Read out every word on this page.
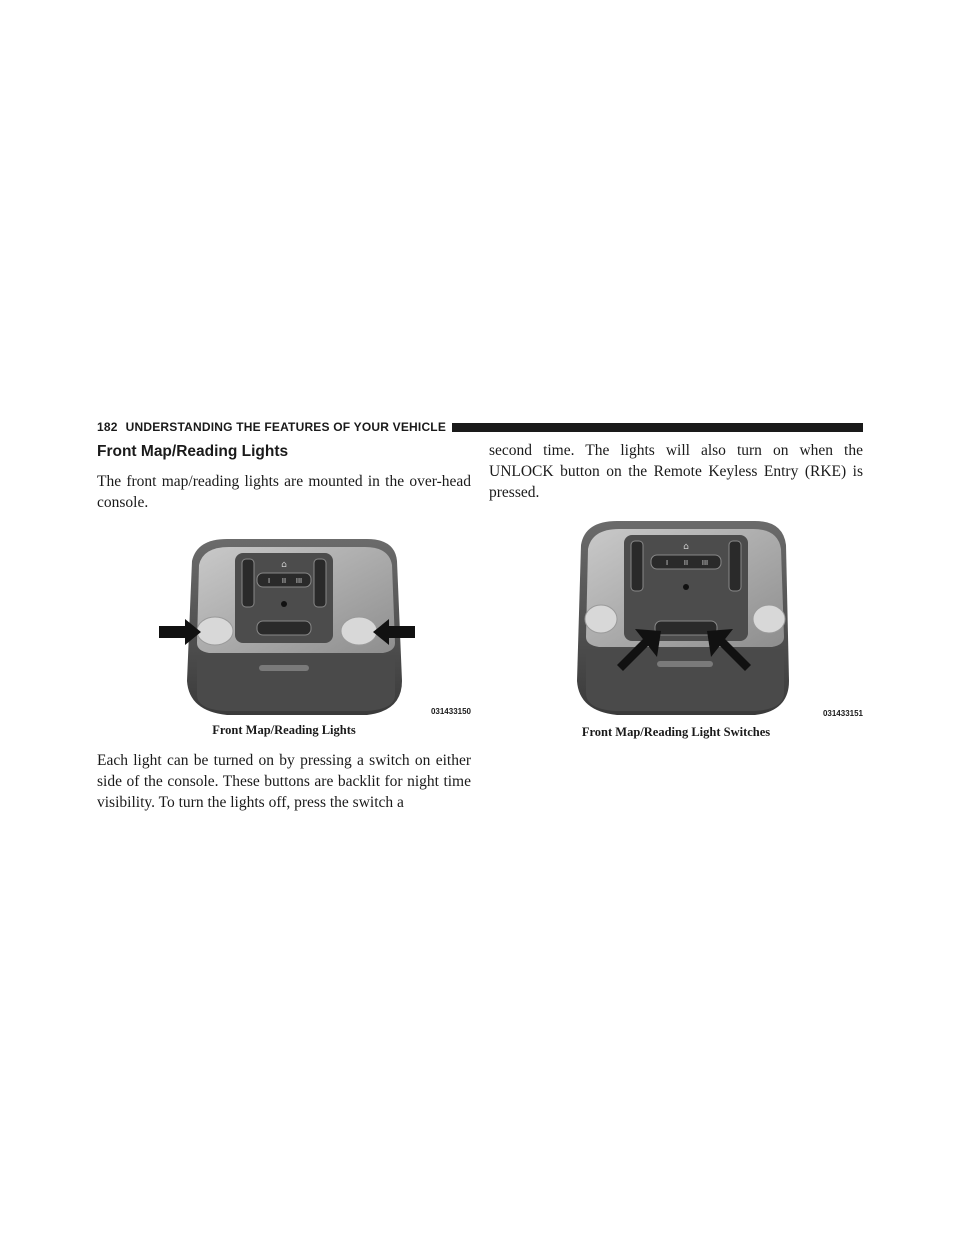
182 UNDERSTANDING THE FEATURES OF YOUR VEHICLE
Front Map/Reading Lights

The front map/reading lights are mounted in the over-head console.

⌂
I II III
031433150
Front Map/Reading Lights

Each light can be turned on by pressing a switch on either side of the console. These buttons are backlit for night time visibility. To turn the lights off, press the switch a

second time. The lights will also turn on when the UNLOCK button on the Remote Keyless Entry (RKE) is pressed.

⌂
I II III
031433151
Front Map/Reading Light Switches
